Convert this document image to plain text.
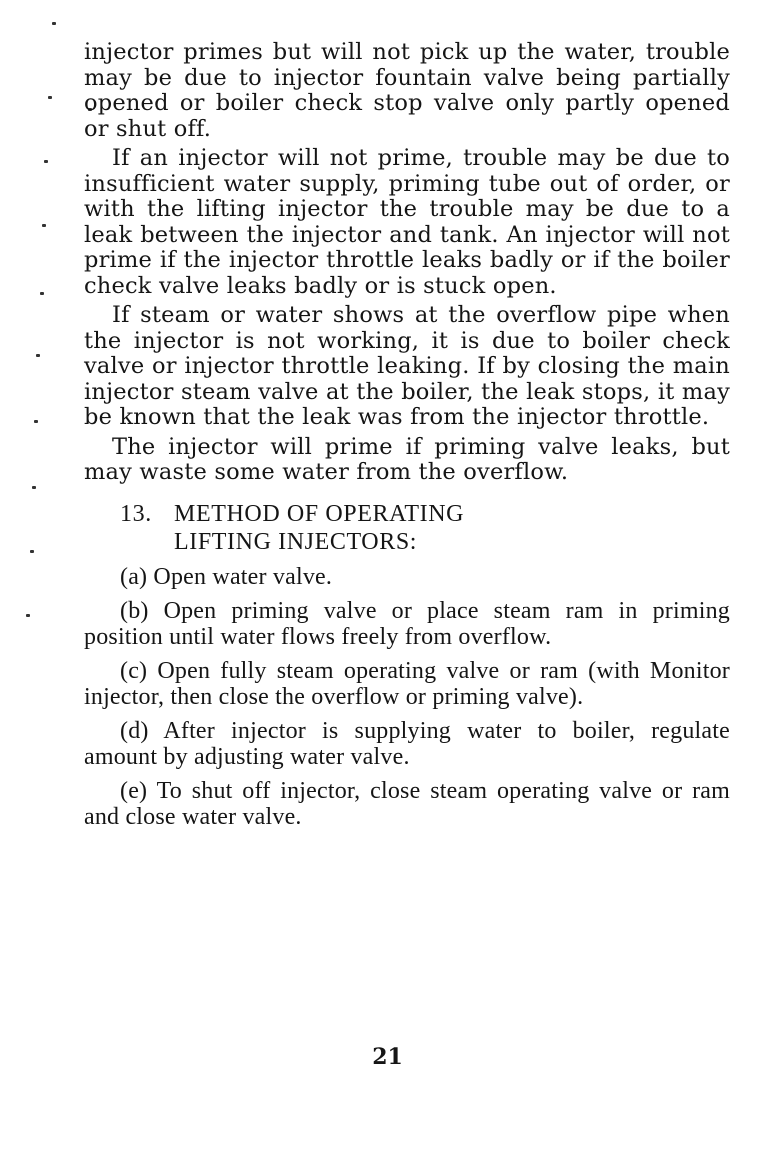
injector primes but will not pick up the water, trouble may be due to injector fountain valve being partially opened or boiler check stop valve only partly opened or shut off.

If an injector will not prime, trouble may be due to insufficient water supply, priming tube out of order, or with the lifting injector the trouble may be due to a leak between the injector and tank. An injector will not prime if the injector throttle leaks badly or if the boiler check valve leaks badly or is stuck open.

If steam or water shows at the overflow pipe when the injector is not working, it is due to boiler check valve or injector throttle leaking. If by closing the main injector steam valve at the boiler, the leak stops, it may be known that the leak was from the injector throttle.

The injector will prime if priming valve leaks, but may waste some water from the overflow.

13. METHOD OF OPERATING
LIFTING INJECTORS:

(a) Open water valve.

(b) Open priming valve or place steam ram in priming position until water flows freely from overflow.

(c) Open fully steam operating valve or ram (with Monitor injector, then close the overflow or priming valve).

(d) After injector is supplying water to boiler, regulate amount by adjusting water valve.

(e) To shut off injector, close steam operating valve or ram and close water valve.

21
